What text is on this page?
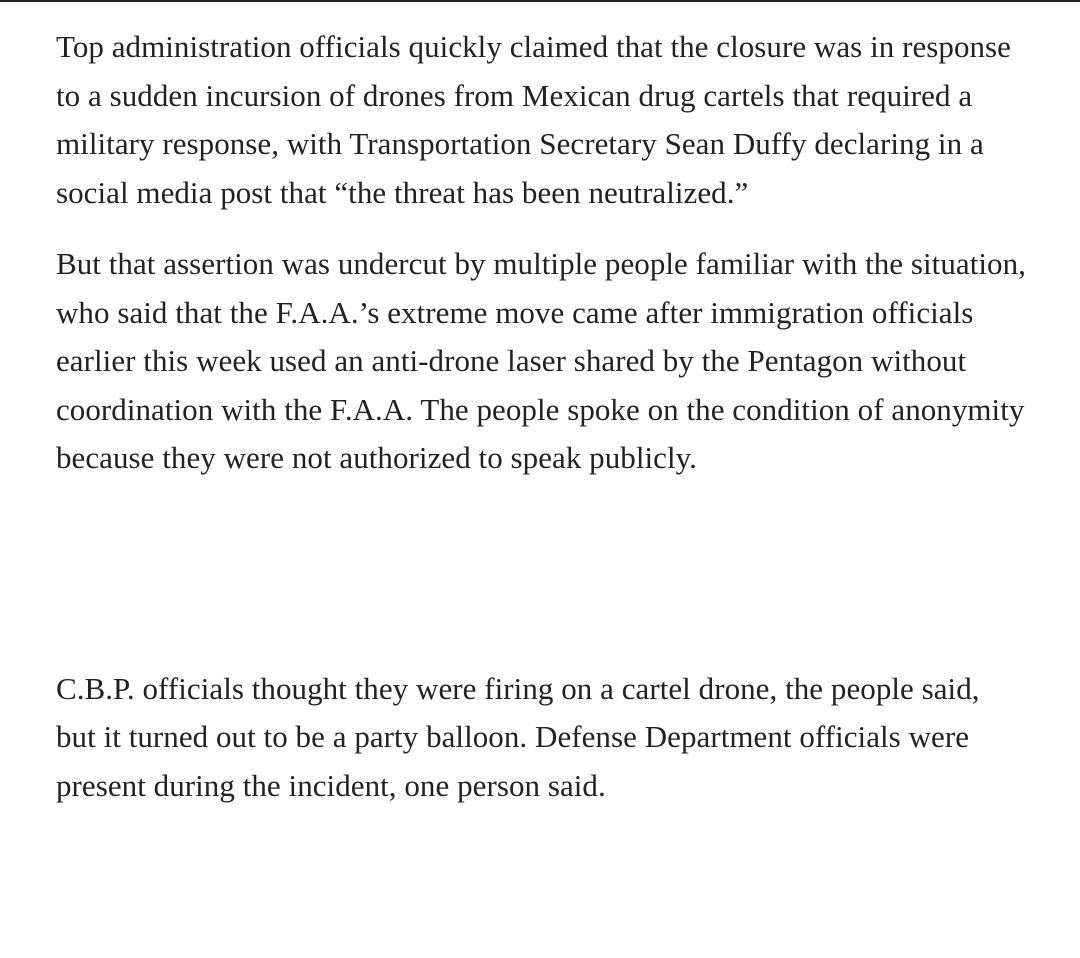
Top administration officials quickly claimed that the closure was in response to a sudden incursion of drones from Mexican drug cartels that required a military response, with Transportation Secretary Sean Duffy declaring in a social media post that “the threat has been neutralized.”

But that assertion was undercut by multiple people familiar with the situation, who said that the F.A.A.’s extreme move came after immigration officials earlier this week used an anti-drone laser shared by the Pentagon without coordination with the F.A.A. The people spoke on the condition of anonymity because they were not authorized to speak publicly.

C.B.P. officials thought they were firing on a cartel drone, the people said, but it turned out to be a party balloon. Defense Department officials were present during the incident, one person said.
